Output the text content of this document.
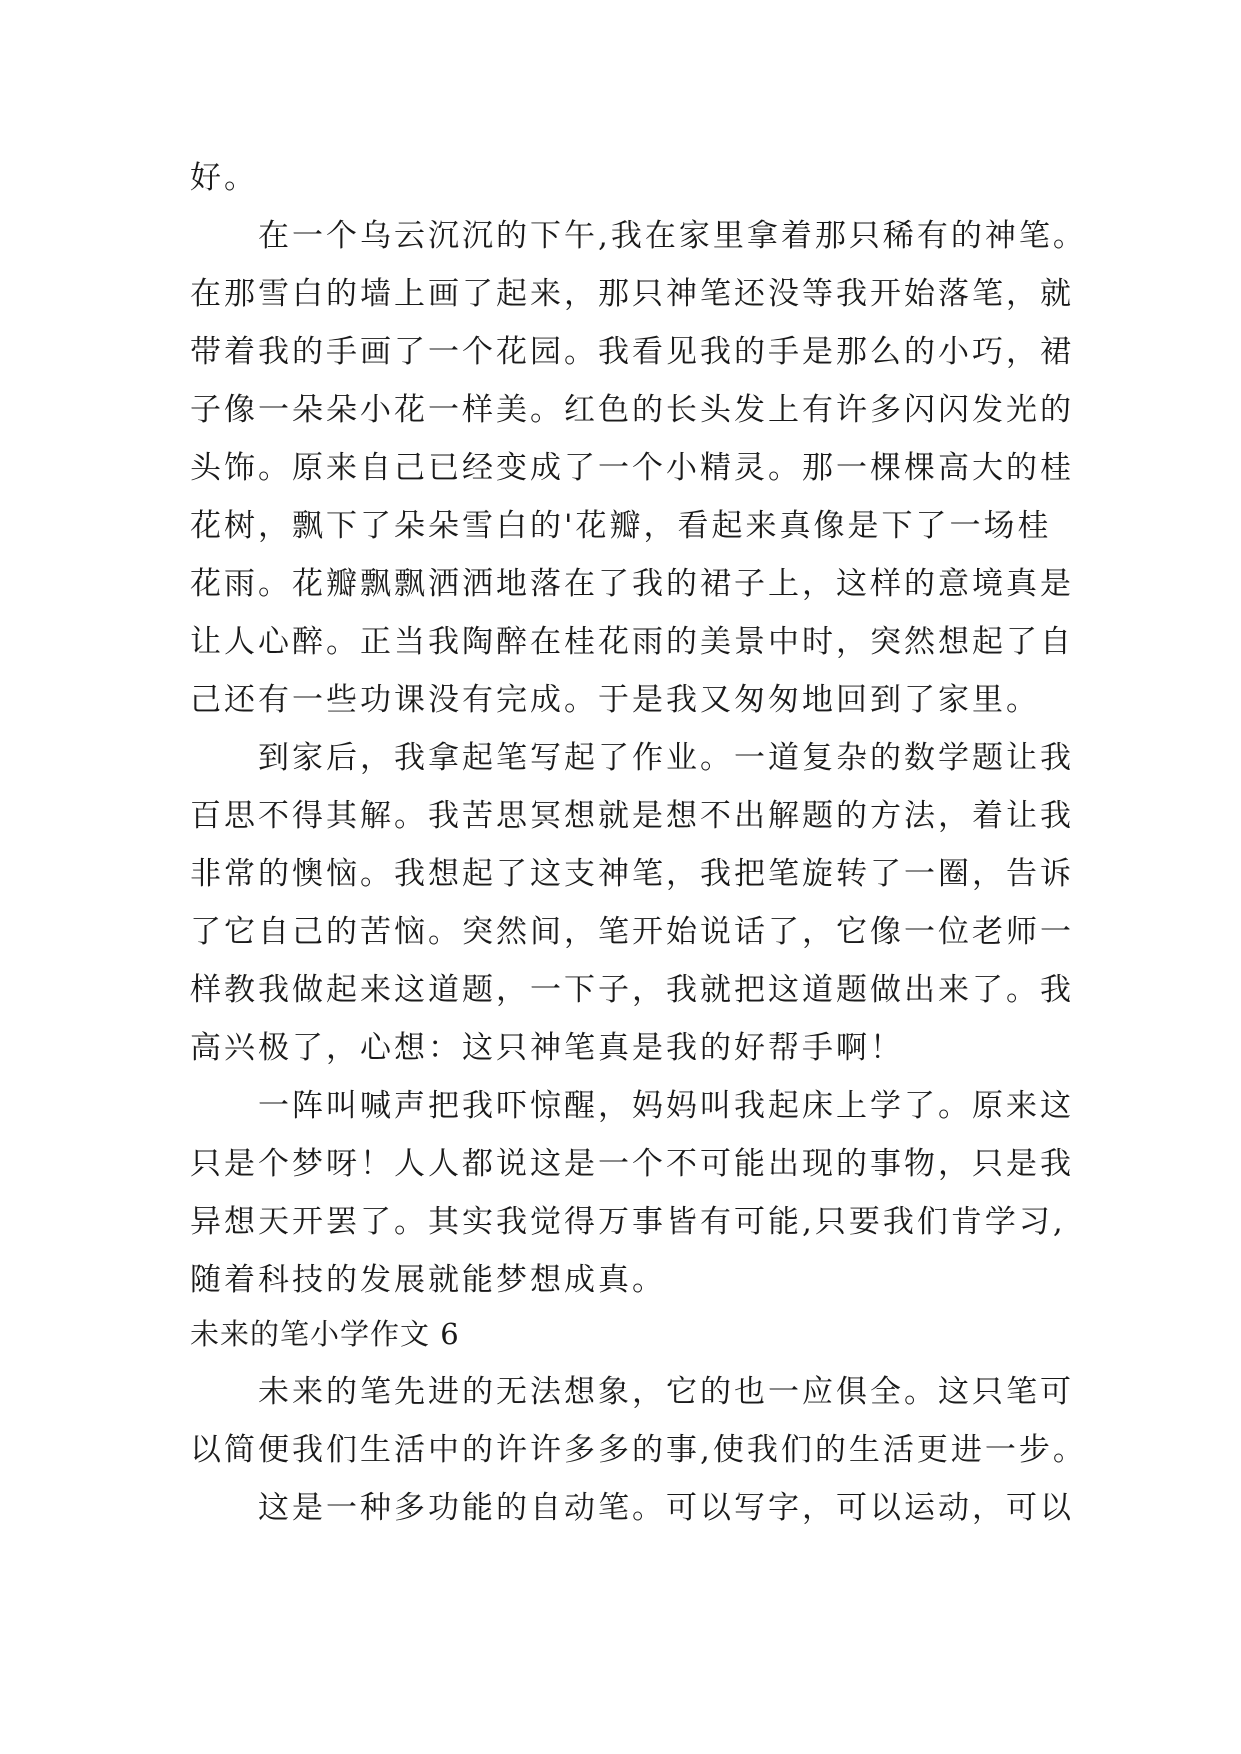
好。
在一个乌云沉沉的下午,我在家里拿着那只稀有的神笔。
在那雪白的墙上画了起来，那只神笔还没等我开始落笔，就
带着我的手画了一个花园。我看见我的手是那么的小巧，裙
子像一朵朵小花一样美。红色的长头发上有许多闪闪发光的
头饰。原来自己已经变成了一个小精灵。那一棵棵高大的桂
花树，飘下了朵朵雪白的'花瓣，看起来真像是下了一场桂
花雨。花瓣飘飘洒洒地落在了我的裙子上，这样的意境真是
让人心醉。正当我陶醉在桂花雨的美景中时，突然想起了自
己还有一些功课没有完成。于是我又匆匆地回到了家里。
到家后，我拿起笔写起了作业。一道复杂的数学题让我
百思不得其解。我苦思冥想就是想不出解题的方法，着让我
非常的懊恼。我想起了这支神笔，我把笔旋转了一圈，告诉
了它自己的苦恼。突然间，笔开始说话了，它像一位老师一
样教我做起来这道题，一下子，我就把这道题做出来了。我
高兴极了，心想：这只神笔真是我的好帮手啊！
一阵叫喊声把我吓惊醒，妈妈叫我起床上学了。原来这
只是个梦呀！人人都说这是一个不可能出现的事物，只是我
异想天开罢了。其实我觉得万事皆有可能,只要我们肯学习,
随着科技的发展就能梦想成真。
未来的笔小学作文 6
未来的笔先进的无法想象，它的也一应俱全。这只笔可
以简便我们生活中的许许多多的事,使我们的生活更进一步。
这是一种多功能的自动笔。可以写字，可以运动，可以
